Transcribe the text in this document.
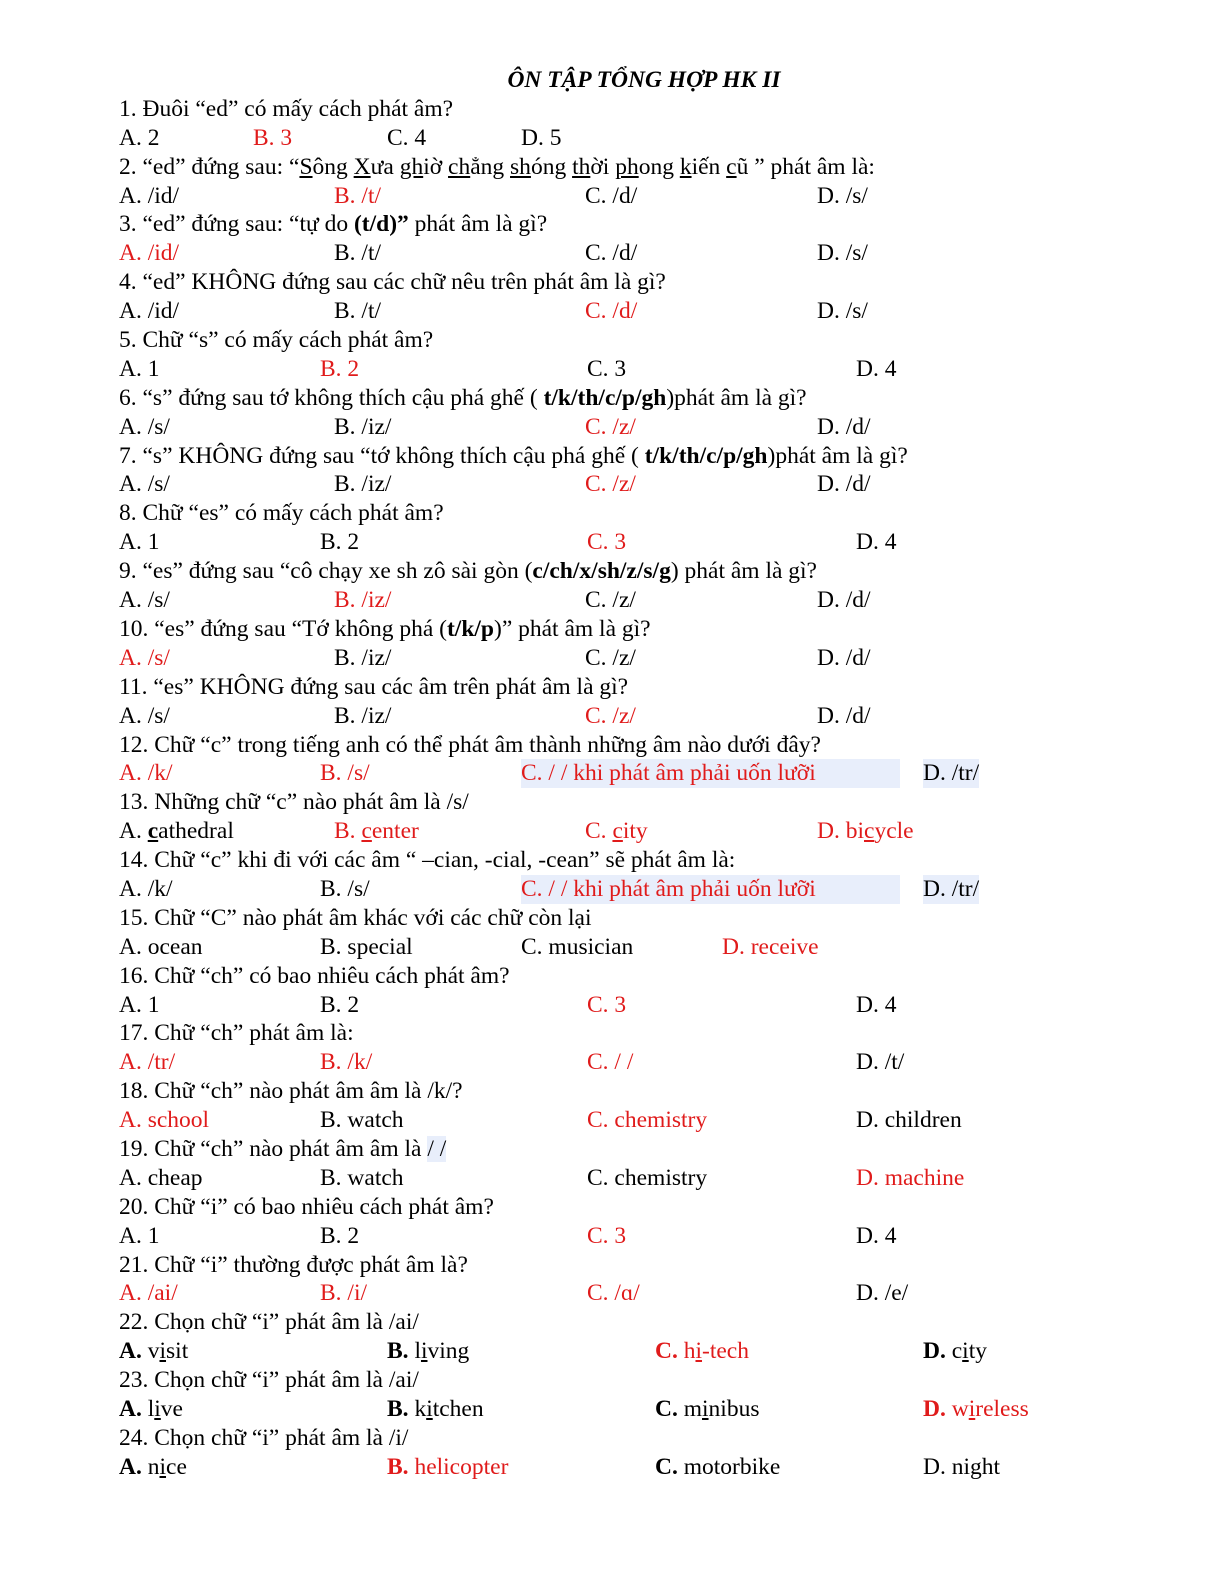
ÔN TẬP TỔNG HỢP HK II
1. Đuôi “ed” có mấy cách phát âm?
A. 2	B. 3	C. 4	D. 5
2. “ed” đứng sau: “Sông Xưa ghiờ chẳng shóng thời phong kiến cũ ” phát âm là:
A. /id/	B. /t/	C. /d/	D. /s/
3. “ed” đứng sau: “tự do (t/d)” phát âm là gì?
A. /id/	B. /t/	C. /d/	D. /s/
4. “ed” KHÔNG đứng sau các chữ nêu trên phát âm là gì?
A. /id/	B. /t/	C. /d/	D. /s/
5. Chữ “s” có mấy cách phát âm?
A. 1	B. 2	C. 3	D. 4
6. “s” đứng sau tớ không thích cậu phá ghế ( t/k/th/c/p/gh)phát âm là gì?
A. /s/	B. /iz/	C. /z/	D. /d/
7. “s” KHÔNG đứng sau “tớ không thích cậu phá ghế ( t/k/th/c/p/gh)phát âm là gì?
A. /s/	B. /iz/	C. /z/	D. /d/
8. Chữ “es” có mấy cách phát âm?
A. 1	B. 2	C. 3	D. 4
9. “es” đứng sau “cô chạy xe sh zô sài gòn (c/ch/x/sh/z/s/g) phát âm là gì?
A. /s/	B. /iz/	C. /z/	D. /d/
10. “es” đứng sau “Tớ không phá (t/k/p)” phát âm là gì?
A. /s/	B. /iz/	C. /z/	D. /d/
11. “es” KHÔNG đứng sau các âm trên phát âm là gì?
A. /s/	B. /iz/	C. /z/	D. /d/
12. Chữ “c” trong tiếng anh có thể phát âm thành những âm nào dưới đây?
A. /k/	B. /s/	C. / / khi phát âm phải uốn lưỡi	D. /tr/
13. Những chữ “c” nào phát âm là /s/
A. cathedral	B. center	C. city	D. bicycle
14. Chữ “c” khi đi với các âm “ –cian, -cial, -cean” sẽ phát âm là:
A. /k/	B. /s/	C. / / khi phát âm phải uốn lưỡi	D. /tr/
15. Chữ “C” nào phát âm khác với các chữ còn lại
A. ocean	B. special	C. musician	D. receive
16. Chữ “ch” có bao nhiêu cách phát âm?
A. 1	B. 2	C. 3	D. 4
17. Chữ “ch” phát âm là:
A. /tr/	B. /k/	C. / /	D. /t/
18. Chữ “ch” nào phát âm âm là /k/?
A. school	B. watch	C. chemistry	D. children
19. Chữ “ch” nào phát âm âm là / /
A. cheap	B. watch	C. chemistry	D. machine
20. Chữ “i” có bao nhiêu cách phát âm?
A. 1	B. 2	C. 3	D. 4
21. Chữ “i” thường được phát âm là?
A. /ai/	B. /i/	C. /ɑ/	D. /e/
22. Chọn chữ “i” phát âm là /ai/
A. visit	B. living	C. hi-tech	D. city
23. Chọn chữ “i” phát âm là /ai/
A. live	B. kitchen	C. minibus	D. wireless
24. Chọn chữ “i” phát âm là /i/
A. nice	B. helicopter	C. motorbike	D. night
